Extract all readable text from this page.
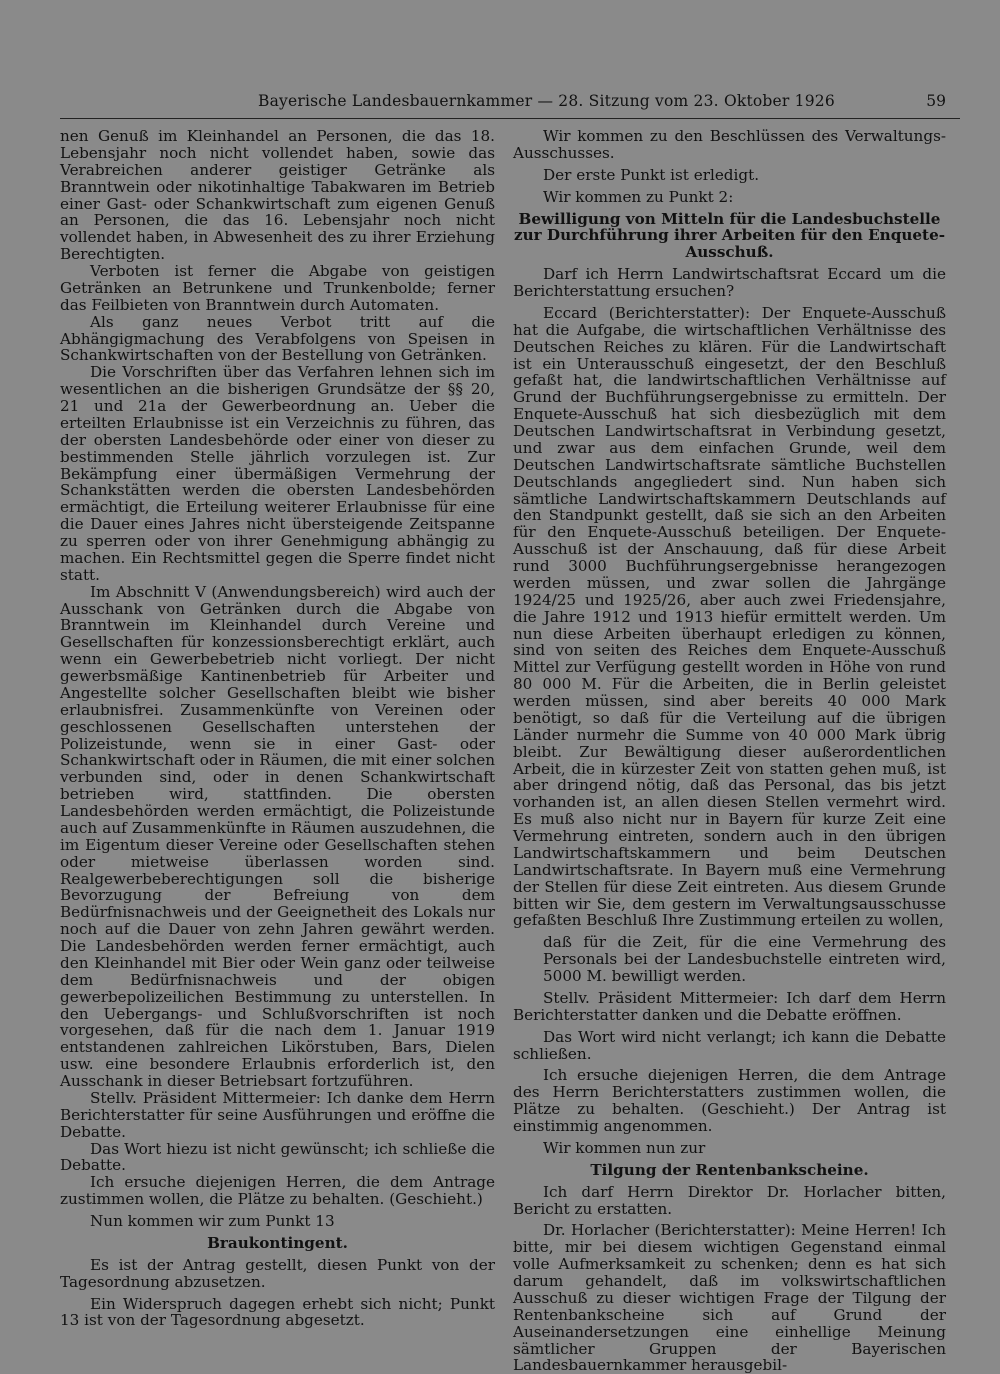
Bayerische Landesbauernkammer — 28. Sitzung vom 23. Oktober 1926	59

nen Genuß im Kleinhandel an Personen, die das 18. Lebensjahr noch nicht vollendet haben, sowie das Verabreichen anderer geistiger Getränke als Branntwein oder nikotinhaltige Tabakwaren im Betrieb einer Gast- oder Schankwirtschaft zum eigenen Genuß an Personen, die das 16. Lebensjahr noch nicht vollendet haben, in Abwesenheit des zu ihrer Erziehung Berechtigten.

Verboten ist ferner die Abgabe von geistigen Getränken an Betrunkene und Trunkenbolde; ferner das Feilbieten von Branntwein durch Automaten.

Als ganz neues Verbot tritt auf die Abhängigmachung des Verabfolgens von Speisen in Schankwirtschaften von der Bestellung von Getränken.

Die Vorschriften über das Verfahren lehnen sich im wesentlichen an die bisherigen Grundsätze der §§ 20, 21 und 21a der Gewerbeordnung an. Ueber die erteilten Erlaubnisse ist ein Verzeichnis zu führen, das der obersten Landesbehörde oder einer von dieser zu bestimmenden Stelle jährlich vorzulegen ist. Zur Bekämpfung einer übermäßigen Vermehrung der Schankstätten werden die obersten Landesbehörden ermächtigt, die Erteilung weiterer Erlaubnisse für eine die Dauer eines Jahres nicht übersteigende Zeitspanne zu sperren oder von ihrer Genehmigung abhängig zu machen. Ein Rechtsmittel gegen die Sperre findet nicht statt.

Im Abschnitt V (Anwendungsbereich) wird auch der Ausschank von Getränken durch die Abgabe von Branntwein im Kleinhandel durch Vereine und Gesellschaften für konzessionsberechtigt erklärt, auch wenn ein Gewerbebetrieb nicht vorliegt. Der nicht gewerbsmäßige Kantinenbetrieb für Arbeiter und Angestellte solcher Gesellschaften bleibt wie bisher erlaubnisfrei. Zusammenkünfte von Vereinen oder geschlossenen Gesellschaften unterstehen der Polizeistunde, wenn sie in einer Gast- oder Schankwirtschaft oder in Räumen, die mit einer solchen verbunden sind, oder in denen Schankwirtschaft betrieben wird, stattfinden. Die obersten Landesbehörden werden ermächtigt, die Polizeistunde auch auf Zusammenkünfte in Räumen auszudehnen, die im Eigentum dieser Vereine oder Gesellschaften stehen oder mietweise überlassen worden sind. Realgewerbeberechtigungen soll die bisherige Bevorzugung der Befreiung von dem Bedürfnisnachweis und der Geeignetheit des Lokals nur noch auf die Dauer von zehn Jahren gewährt werden. Die Landesbehörden werden ferner ermächtigt, auch den Kleinhandel mit Bier oder Wein ganz oder teilweise dem Bedürfnisnachweis und der obigen gewerbepolizeilichen Bestimmung zu unterstellen. In den Uebergangs- und Schlußvorschriften ist noch vorgesehen, daß für die nach dem 1. Januar 1919 entstandenen zahlreichen Likörstuben, Bars, Dielen usw. eine besondere Erlaubnis erforderlich ist, den Ausschank in dieser Betriebsart fortzuführen.

Stellv. Präsident Mittermeier: Ich danke dem Herrn Berichterstatter für seine Ausführungen und eröffne die Debatte.

Das Wort hiezu ist nicht gewünscht; ich schließe die Debatte.

Ich ersuche diejenigen Herren, die dem Antrage zustimmen wollen, die Plätze zu behalten. (Geschieht.)

Nun kommen wir zum Punkt 13

Braukontingent.

Es ist der Antrag gestellt, diesen Punkt von der Tagesordnung abzusetzen.

Ein Widerspruch dagegen erhebt sich nicht; Punkt 13 ist von der Tagesordnung abgesetzt.

Wir kommen zu den Beschlüssen des Verwaltungs-Ausschusses.

Der erste Punkt ist erledigt.

Wir kommen zu Punkt 2:

Bewilligung von Mitteln für die Landesbuchstelle zur Durchführung ihrer Arbeiten für den Enquete-Ausschuß.

Darf ich Herrn Landwirtschaftsrat Eccard um die Berichterstattung ersuchen?

Eccard (Berichterstatter): Der Enquete-Ausschuß hat die Aufgabe, die wirtschaftlichen Verhältnisse des Deutschen Reiches zu klären. Für die Landwirtschaft ist ein Unterausschuß eingesetzt, der den Beschluß gefaßt hat, die landwirtschaftlichen Verhältnisse auf Grund der Buchführungsergebnisse zu ermitteln. Der Enquete-Ausschuß hat sich diesbezüglich mit dem Deutschen Landwirtschaftsrat in Verbindung gesetzt, und zwar aus dem einfachen Grunde, weil dem Deutschen Landwirtschaftsrate sämtliche Buchstellen Deutschlands angegliedert sind. Nun haben sich sämtliche Landwirtschaftskammern Deutschlands auf den Standpunkt gestellt, daß sie sich an den Arbeiten für den Enquete-Ausschuß beteiligen. Der Enquete-Ausschuß ist der Anschauung, daß für diese Arbeit rund 3000 Buchführungsergebnisse herangezogen werden müssen, und zwar sollen die Jahrgänge 1924/25 und 1925/26, aber auch zwei Friedensjahre, die Jahre 1912 und 1913 hiefür ermittelt werden. Um nun diese Arbeiten überhaupt erledigen zu können, sind von seiten des Reiches dem Enquete-Ausschuß Mittel zur Verfügung gestellt worden in Höhe von rund 80 000 M. Für die Arbeiten, die in Berlin geleistet werden müssen, sind aber bereits 40 000 Mark benötigt, so daß für die Verteilung auf die übrigen Länder nurmehr die Summe von 40 000 Mark übrig bleibt. Zur Bewältigung dieser außerordentlichen Arbeit, die in kürzester Zeit von statten gehen muß, ist aber dringend nötig, daß das Personal, das bis jetzt vorhanden ist, an allen diesen Stellen vermehrt wird. Es muß also nicht nur in Bayern für kurze Zeit eine Vermehrung eintreten, sondern auch in den übrigen Landwirtschaftskammern und beim Deutschen Landwirtschaftsrate. In Bayern muß eine Vermehrung der Stellen für diese Zeit eintreten. Aus diesem Grunde bitten wir Sie, dem gestern im Verwaltungsausschusse gefaßten Beschluß Ihre Zustimmung erteilen zu wollen,

daß für die Zeit, für die eine Vermehrung des Personals bei der Landesbuchstelle eintreten wird, 5000 M. bewilligt werden.

Stellv. Präsident Mittermeier: Ich darf dem Herrn Berichterstatter danken und die Debatte eröffnen.

Das Wort wird nicht verlangt; ich kann die Debatte schließen.

Ich ersuche diejenigen Herren, die dem Antrage des Herrn Berichterstatters zustimmen wollen, die Plätze zu behalten. (Geschieht.) Der Antrag ist einstimmig angenommen.

Wir kommen nun zur

Tilgung der Rentenbankscheine.

Ich darf Herrn Direktor Dr. Horlacher bitten, Bericht zu erstatten.

Dr. Horlacher (Berichterstatter): Meine Herren! Ich bitte, mir bei diesem wichtigen Gegenstand einmal volle Aufmerksamkeit zu schenken; denn es hat sich darum gehandelt, daß im volkswirtschaftlichen Ausschuß zu dieser wichtigen Frage der Tilgung der Rentenbankscheine sich auf Grund der Auseinandersetzungen eine einhellige Meinung sämtlicher Gruppen der Bayerischen Landesbauernkammer herausgebil-
